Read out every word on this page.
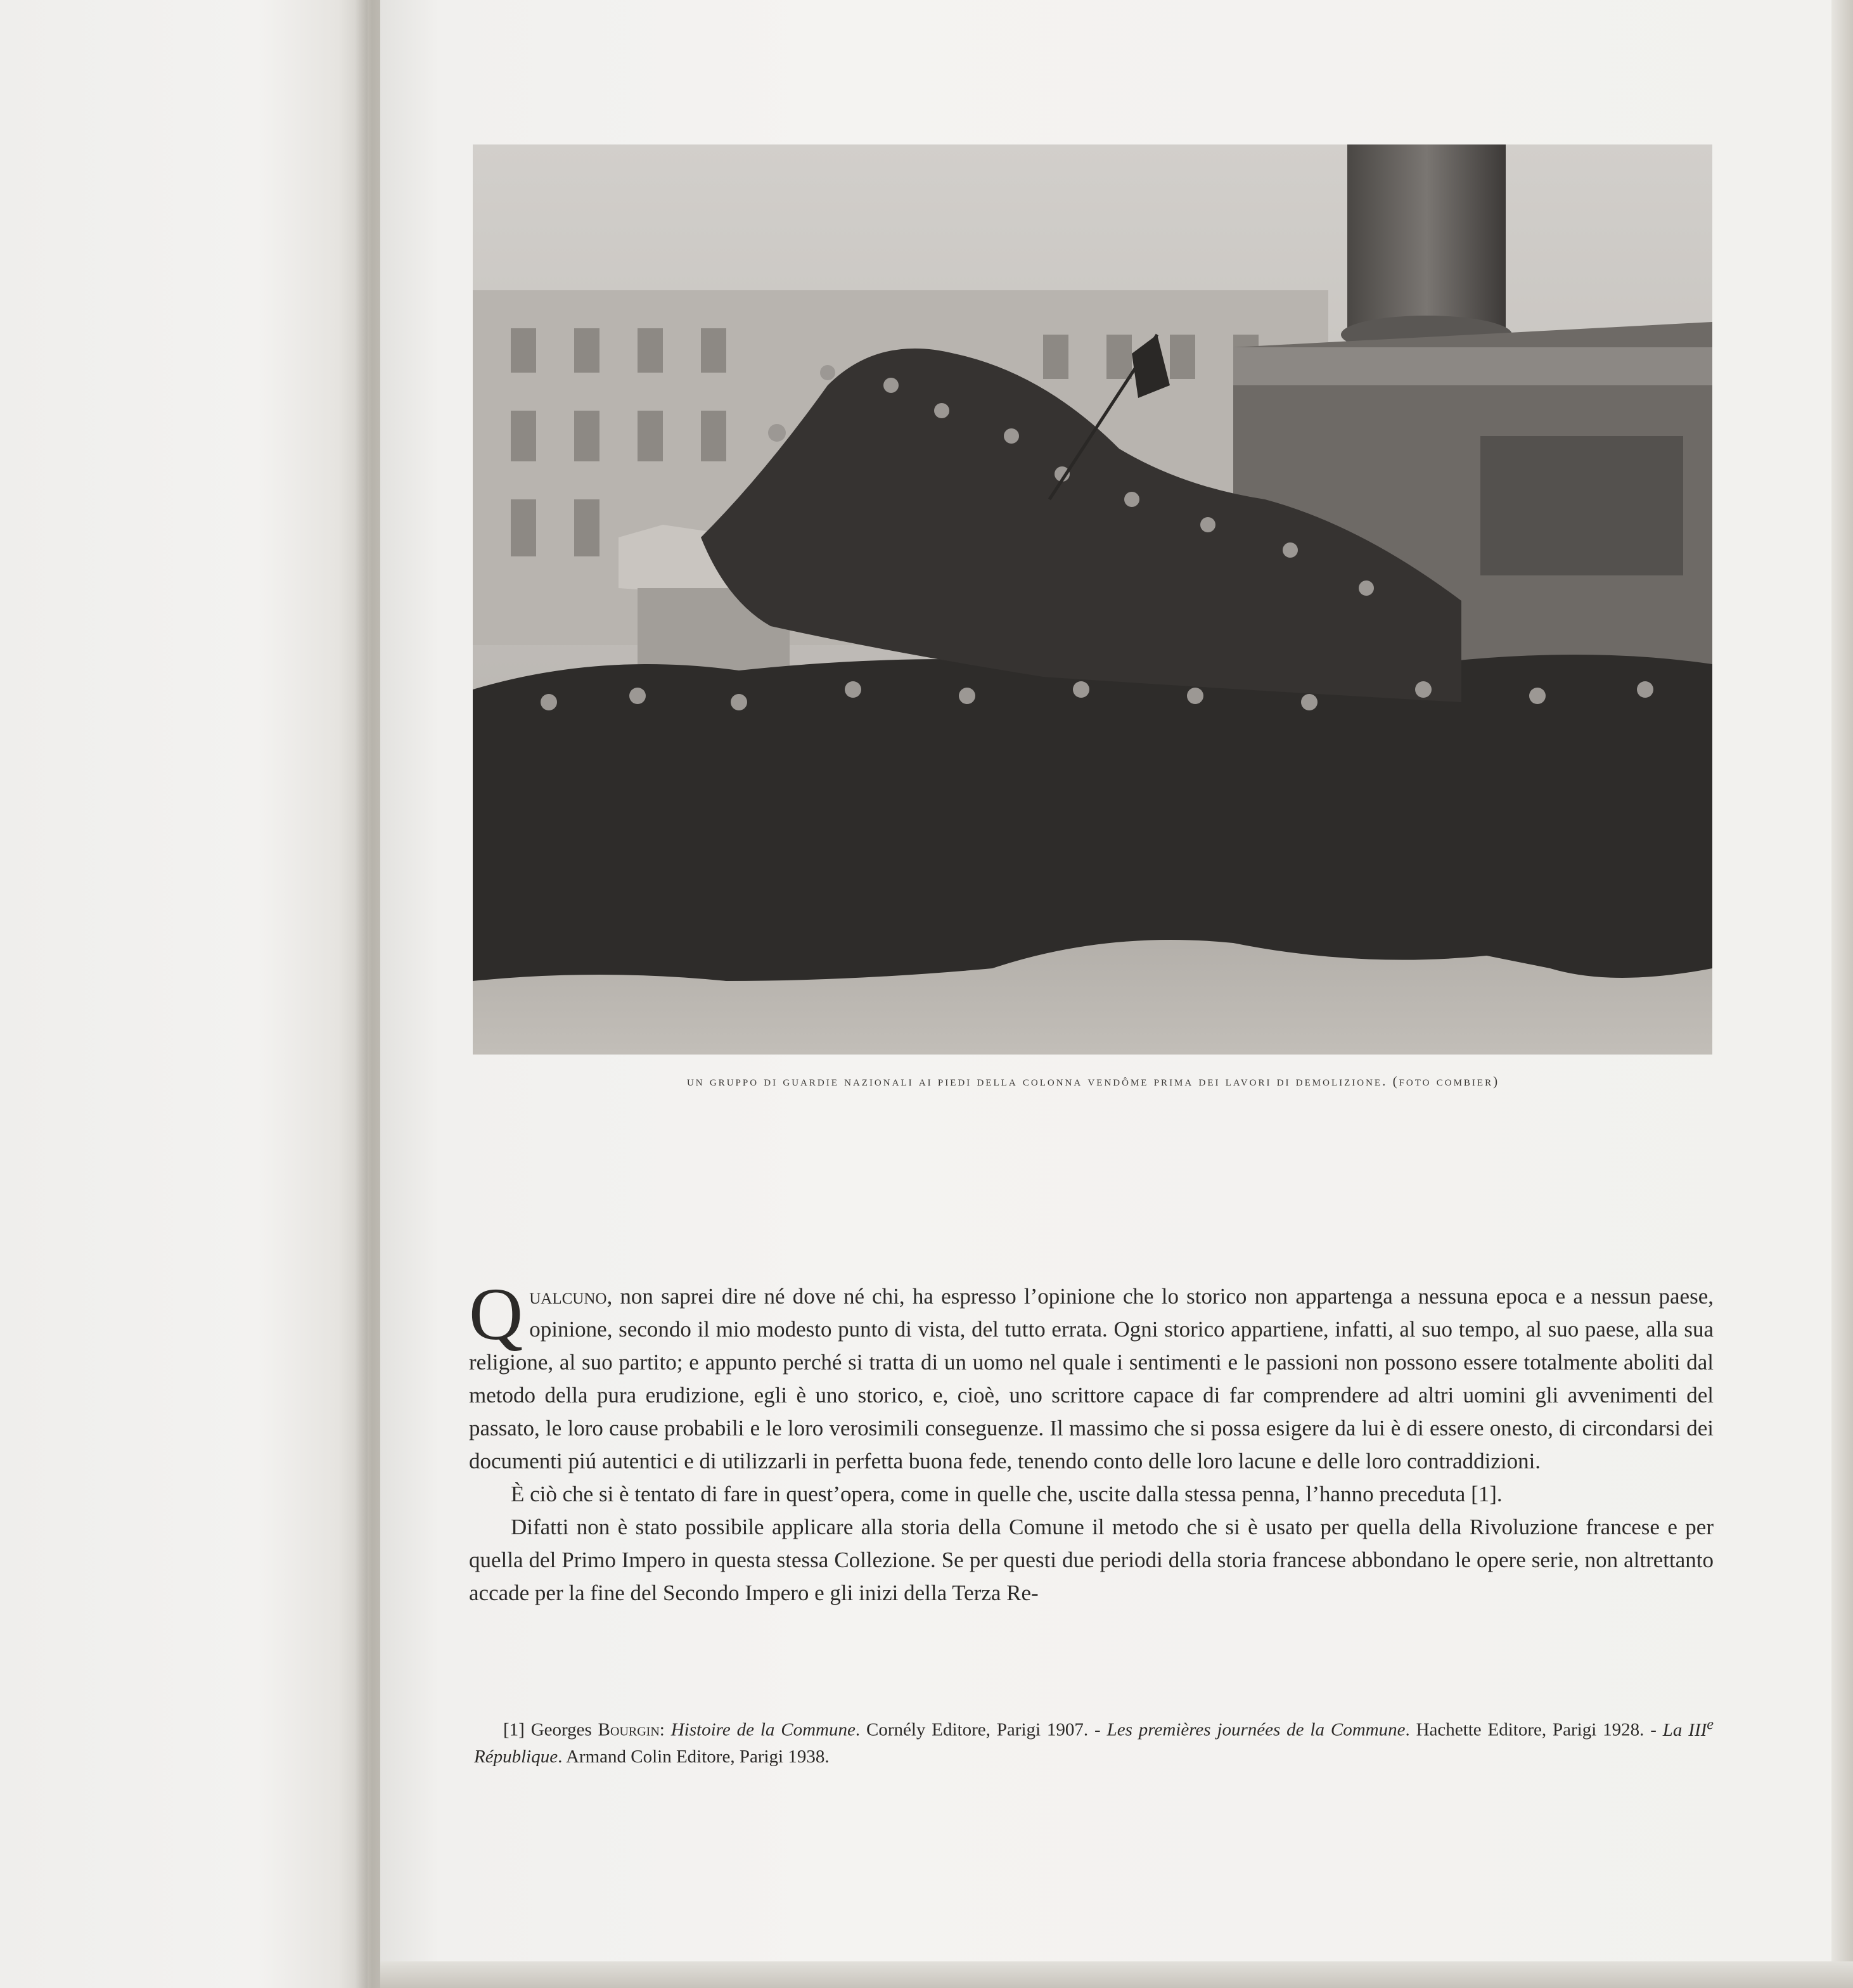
un gruppo di guardie nazionali ai piedi della colonna vendôme prima dei lavori di demolizione. (foto combier)

Qualcuno, non saprei dire né dove né chi, ha espresso l’opinione che lo storico non appartenga a nessuna epoca e a nessun paese, opinione, secondo il mio modesto punto di vista, del tutto errata. Ogni storico appartiene, infatti, al suo tempo, al suo paese, alla sua religione, al suo partito; e appunto perché si tratta di un uomo nel quale i sentimenti e le passioni non possono essere totalmente aboliti dal metodo della pura erudizione, egli è uno storico, e, cioè, uno scrittore capace di far comprendere ad altri uomini gli avvenimenti del passato, le loro cause probabili e le loro verosimili conseguenze. Il massimo che si possa esigere da lui è di essere onesto, di circondarsi dei documenti piú autentici e di utilizzarli in perfetta buona fede, tenendo conto delle loro lacune e delle loro contraddizioni.

È ciò che si è tentato di fare in quest’opera, come in quelle che, uscite dalla stessa penna, l’hanno preceduta [1].

Difatti non è stato possibile applicare alla storia della Comune il metodo che si è usato per quella della Rivoluzione francese e per quella del Primo Impero in questa stessa Collezione. Se per questi due periodi della storia francese abbondano le opere serie, non altrettanto accade per la fine del Secondo Impero e gli inizi della Terza Re-

[1] Georges Bourgin: Histoire de la Commune. Cornély Editore, Parigi 1907. - Les premières journées de la Commune. Hachette Editore, Parigi 1928. - La IIIe République. Armand Colin Editore, Parigi 1938.
